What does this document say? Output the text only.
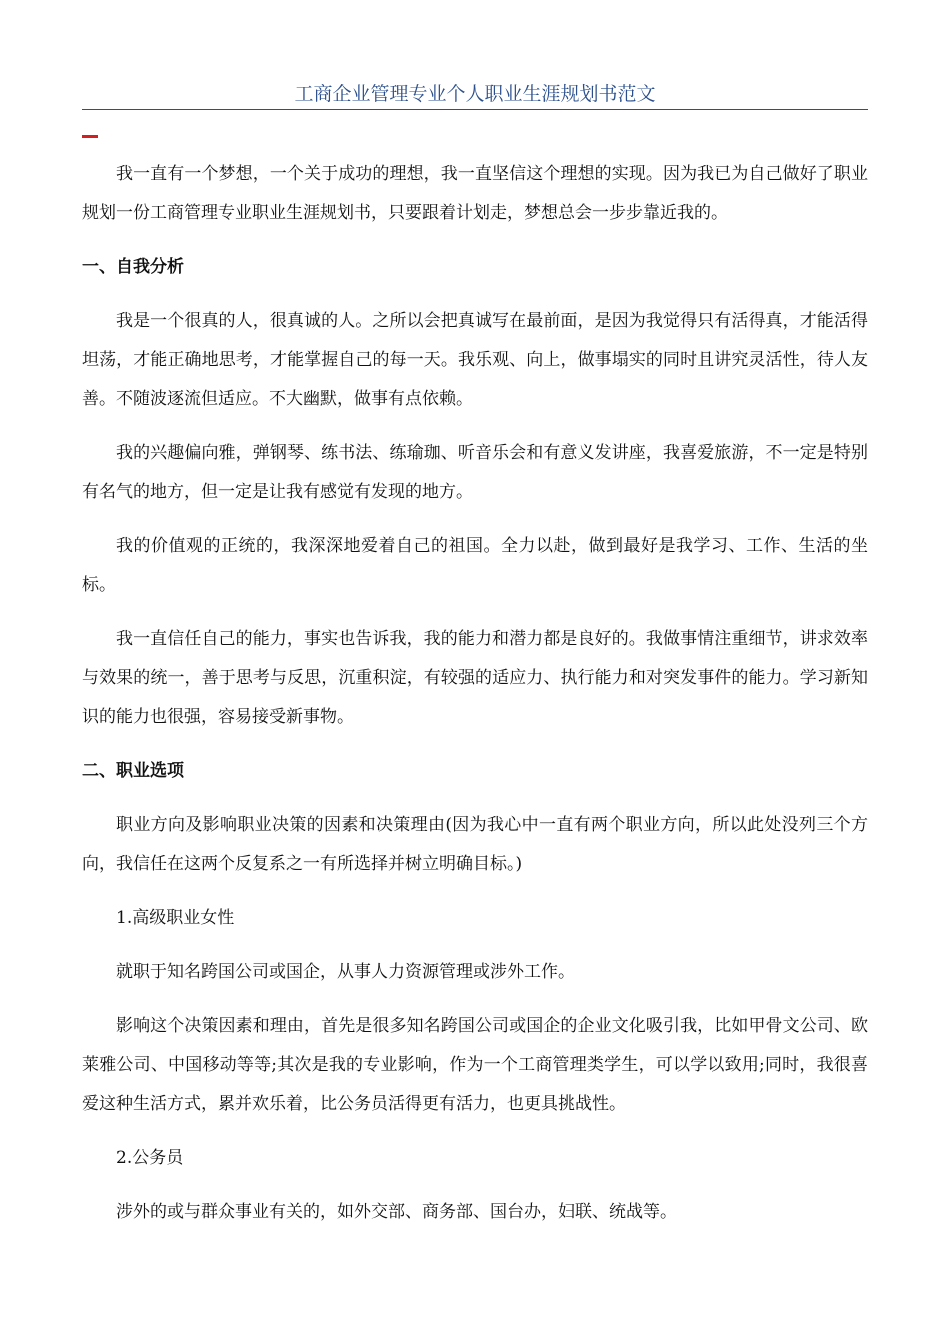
工商企业管理专业个人职业生涯规划书范文

我一直有一个梦想，一个关于成功的理想，我一直坚信这个理想的实现。因为我已为自己做好了职业规划一份工商管理专业职业生涯规划书，只要跟着计划走，梦想总会一步步靠近我的。

一、自我分析

我是一个很真的人，很真诚的人。之所以会把真诚写在最前面，是因为我觉得只有活得真，才能活得坦荡，才能正确地思考，才能掌握自己的每一天。我乐观、向上，做事塌实的同时且讲究灵活性，待人友善。不随波逐流但适应。不大幽默，做事有点依赖。

我的兴趣偏向雅，弹钢琴、练书法、练瑜珈、听音乐会和有意义发讲座，我喜爱旅游，不一定是特别有名气的地方，但一定是让我有感觉有发现的地方。

我的价值观的正统的，我深深地爱着自己的祖国。全力以赴，做到最好是我学习、工作、生活的坐标。

我一直信任自己的能力，事实也告诉我，我的能力和潜力都是良好的。我做事情注重细节，讲求效率与效果的统一，善于思考与反思，沉重积淀，有较强的适应力、执行能力和对突发事件的能力。学习新知识的能力也很强，容易接受新事物。

二、职业选项

职业方向及影响职业决策的因素和决策理由(因为我心中一直有两个职业方向，所以此处没列三个方向，我信任在这两个反复系之一有所选择并树立明确目标。)

1.高级职业女性

就职于知名跨国公司或国企，从事人力资源管理或涉外工作。

影响这个决策因素和理由，首先是很多知名跨国公司或国企的企业文化吸引我，比如甲骨文公司、欧莱雅公司、中国移动等等;其次是我的专业影响，作为一个工商管理类学生，可以学以致用;同时，我很喜爱这种生活方式，累并欢乐着，比公务员活得更有活力，也更具挑战性。

2.公务员

涉外的或与群众事业有关的，如外交部、商务部、国台办，妇联、统战等。
